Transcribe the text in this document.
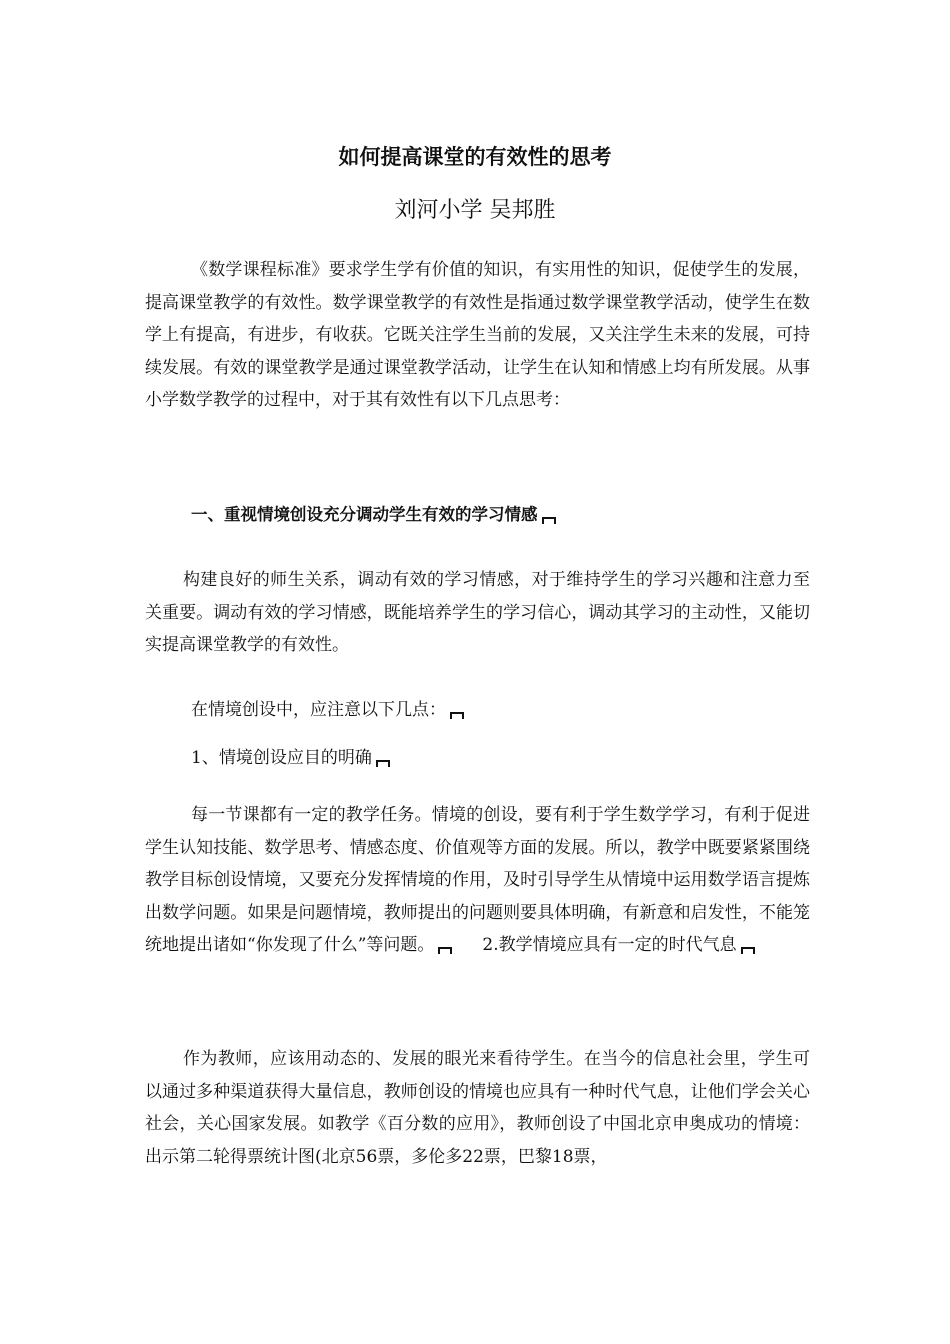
如何提高课堂的有效性的思考
刘河小学 吴邦胜

《数学课程标准》要求学生学有价值的知识，有实用性的知识，促使学生的发展，提高课堂教学的有效性。数学课堂教学的有效性是指通过数学课堂教学活动，使学生在数学上有提高，有进步，有收获。它既关注学生当前的发展，又关注学生未来的发展，可持续发展。有效的课堂教学是通过课堂教学活动，让学生在认知和情感上均有所发展。从事小学数学教学的过程中，对于其有效性有以下几点思考：

一、重视情境创设充分调动学生有效的学习情感

构建良好的师生关系，调动有效的学习情感，对于维持学生的学习兴趣和注意力至关重要。调动有效的学习情感，既能培养学生的学习信心，调动其学习的主动性，又能切实提高课堂教学的有效性。

在情境创设中，应注意以下几点：

1、情境创设应目的明确

每一节课都有一定的教学任务。情境的创设，要有利于学生数学学习，有利于促进学生认知技能、数学思考、情感态度、价值观等方面的发展。所以，教学中既要紧紧围绕教学目标创设情境，又要充分发挥情境的作用，及时引导学生从情境中运用数学语言提炼出数学问题。如果是问题情境，教师提出的问题则要具体明确，有新意和启发性，不能笼统地提出诸如“你发现了什么”等问题。	2.教学情境应具有一定的时代气息

作为教师，应该用动态的、发展的眼光来看待学生。在当今的信息社会里，学生可以通过多种渠道获得大量信息，教师创设的情境也应具有一种时代气息，让他们学会关心社会，关心国家发展。如教学《百分数的应用》，教师创设了中国北京申奥成功的情境：出示第二轮得票统计图(北京56票，多伦多22票，巴黎18票，
